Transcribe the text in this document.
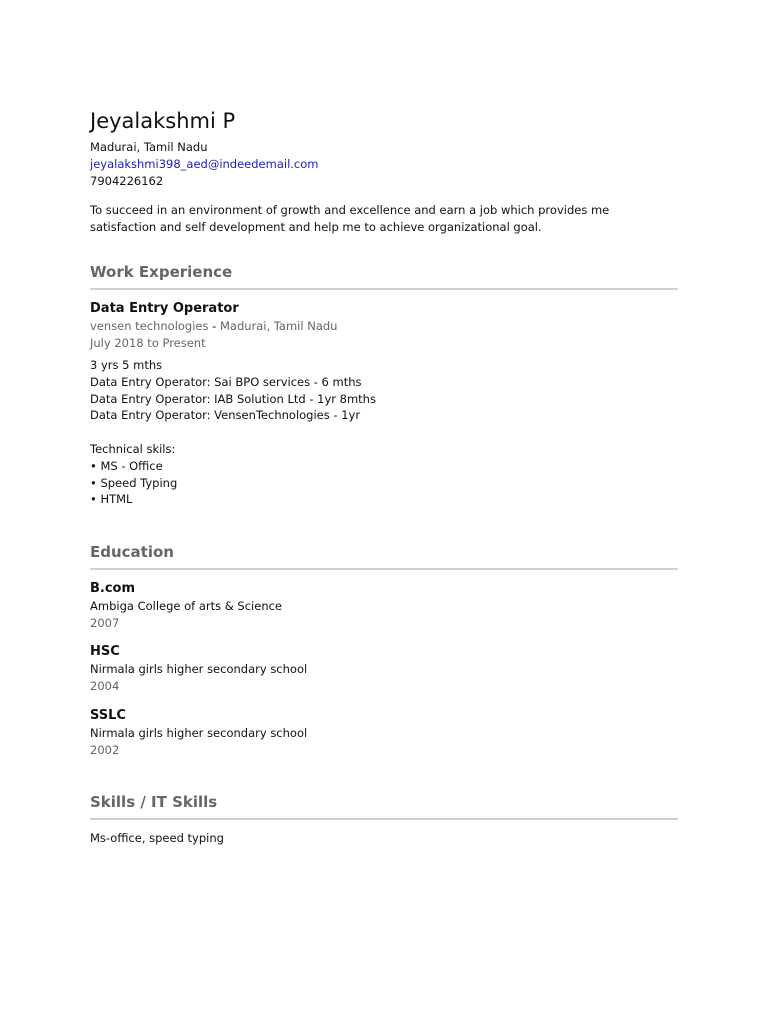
Jeyalakshmi P
Madurai, Tamil Nadu
jeyalakshmi398_aed@indeedemail.com
7904226162
To succeed in an environment of growth and excellence and earn a job which provides me satisfaction and self development and help me to achieve organizational goal.
Work Experience
Data Entry Operator
vensen technologies - Madurai, Tamil Nadu
July 2018 to Present
3 yrs 5 mths
Data Entry Operator: Sai BPO services - 6 mths
Data Entry Operator: IAB Solution Ltd - 1yr 8mths
Data Entry Operator: VensenTechnologies - 1yr
Technical skils:
• MS - Office
• Speed Typing
• HTML
Education
B.com
Ambiga College of arts & Science
2007
HSC
Nirmala girls higher secondary school
2004
SSLC
Nirmala girls higher secondary school
2002
Skills / IT Skills
Ms-office, speed typing
